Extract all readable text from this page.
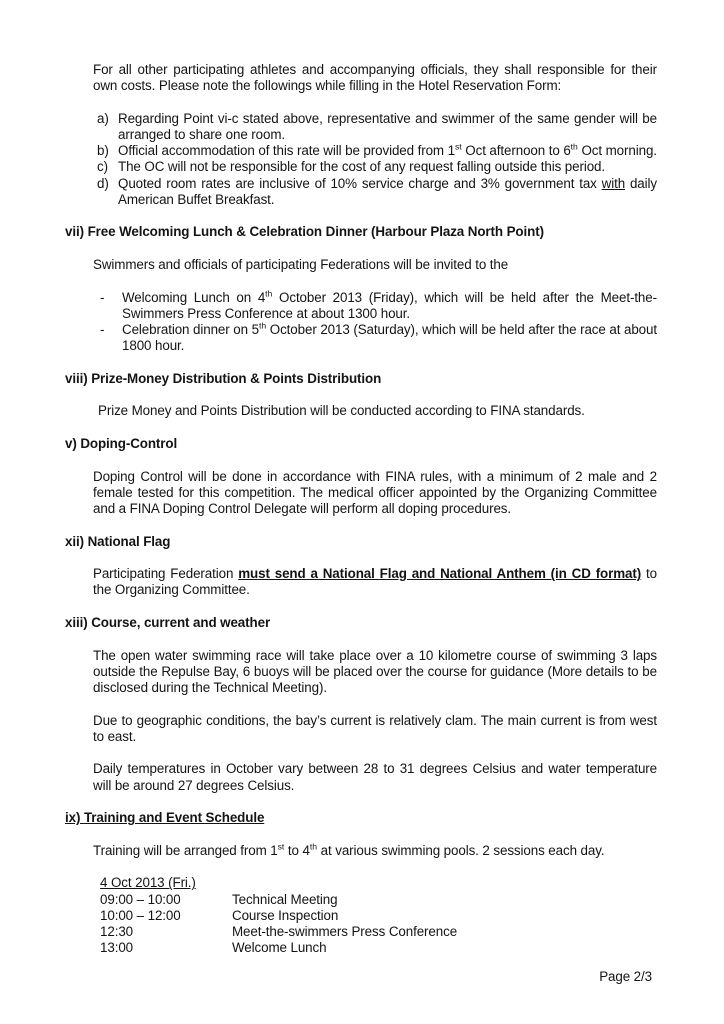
For all other participating athletes and accompanying officials, they shall responsible for their own costs. Please note the followings while filling in the Hotel Reservation Form:

a) Regarding Point vi-c stated above, representative and swimmer of the same gender will be arranged to share one room.
b) Official accommodation of this rate will be provided from 1st Oct afternoon to 6th Oct morning.
c) The OC will not be responsible for the cost of any request falling outside this period.
d) Quoted room rates are inclusive of 10% service charge and 3% government tax with daily American Buffet Breakfast.
vii) Free Welcoming Lunch & Celebration Dinner (Harbour Plaza North Point)

Swimmers and officials of participating Federations will be invited to the

-	Welcoming Lunch on 4th October 2013 (Friday), which will be held after the Meet-the-Swimmers Press Conference at about 1300 hour.
-	Celebration dinner on 5th October 2013 (Saturday), which will be held after the race at about 1800 hour.
viii) Prize-Money Distribution & Points Distribution

Prize Money and Points Distribution will be conducted according to FINA standards.

v) Doping-Control

Doping Control will be done in accordance with FINA rules, with a minimum of 2 male and 2 female tested for this competition. The medical officer appointed by the Organizing Committee and a FINA Doping Control Delegate will perform all doping procedures.

xii) National Flag

Participating Federation must send a National Flag and National Anthem (in CD format) to the Organizing Committee.

xiii) Course, current and weather

The open water swimming race will take place over a 10 kilometre course of swimming 3 laps outside the Repulse Bay, 6 buoys will be placed over the course for guidance (More details to be disclosed during the Technical Meeting).

Due to geographic conditions, the bay’s current is relatively clam. The main current is from west to east.

Daily temperatures in October vary between 28 to 31 degrees Celsius and water temperature will be around 27 degrees Celsius.

ix) Training and Event Schedule

Training will be arranged from 1st to 4th at various swimming pools. 2 sessions each day.

4 Oct 2013 (Fri.)
09:00 – 10:00	Technical Meeting
10:00 – 12:00	Course Inspection
12:30	Meet-the-swimmers Press Conference
13:00	Welcome Lunch
Page 2/3
